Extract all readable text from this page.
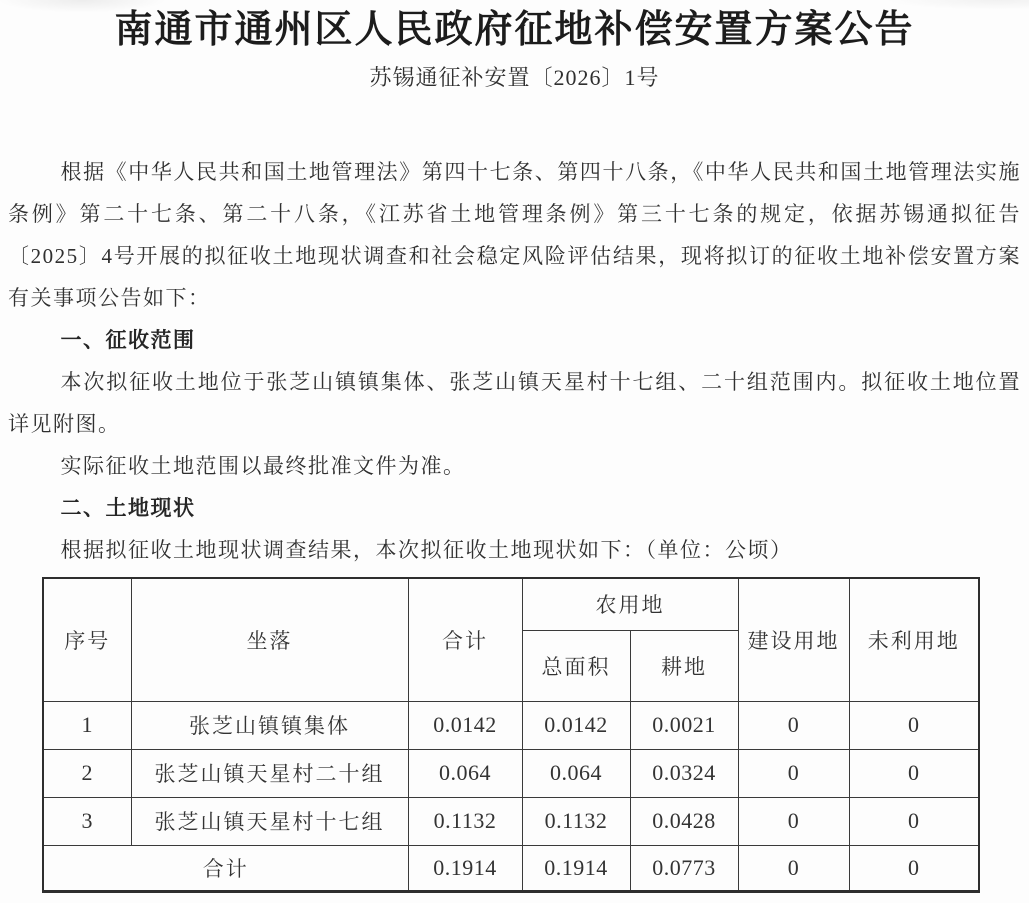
南通市通州区人民政府征地补偿安置方案公告
苏锡通征补安置〔2026〕1号

根据《中华人民共和国土地管理法》第四十七条、第四十八条，《中华人民共和国土地管理法实施条例》第二十七条、第二十八条，《江苏省土地管理条例》第三十七条的规定，依据苏锡通拟征告〔2025〕4号开展的拟征收土地现状调查和社会稳定风险评估结果，现将拟订的征收土地补偿安置方案有关事项公告如下：

一、征收范围

本次拟征收土地位于张芝山镇镇集体、张芝山镇天星村十七组、二十组范围内。拟征收土地位置详见附图。

实际征收土地范围以最终批准文件为准。

二、土地现状

根据拟征收土地现状调查结果，本次拟征收土地现状如下：（单位：公顷）

序号	坐落	合计	农用地		建设用地	未利用地
			总面积	耕地		
1	张芝山镇镇集体	0.0142	0.0142	0.0021	0	0
2	张芝山镇天星村二十组	0.064	0.064	0.0324	0	0
3	张芝山镇天星村十七组	0.1132	0.1132	0.0428	0	0
合计		0.1914	0.1914	0.0773	0	0
